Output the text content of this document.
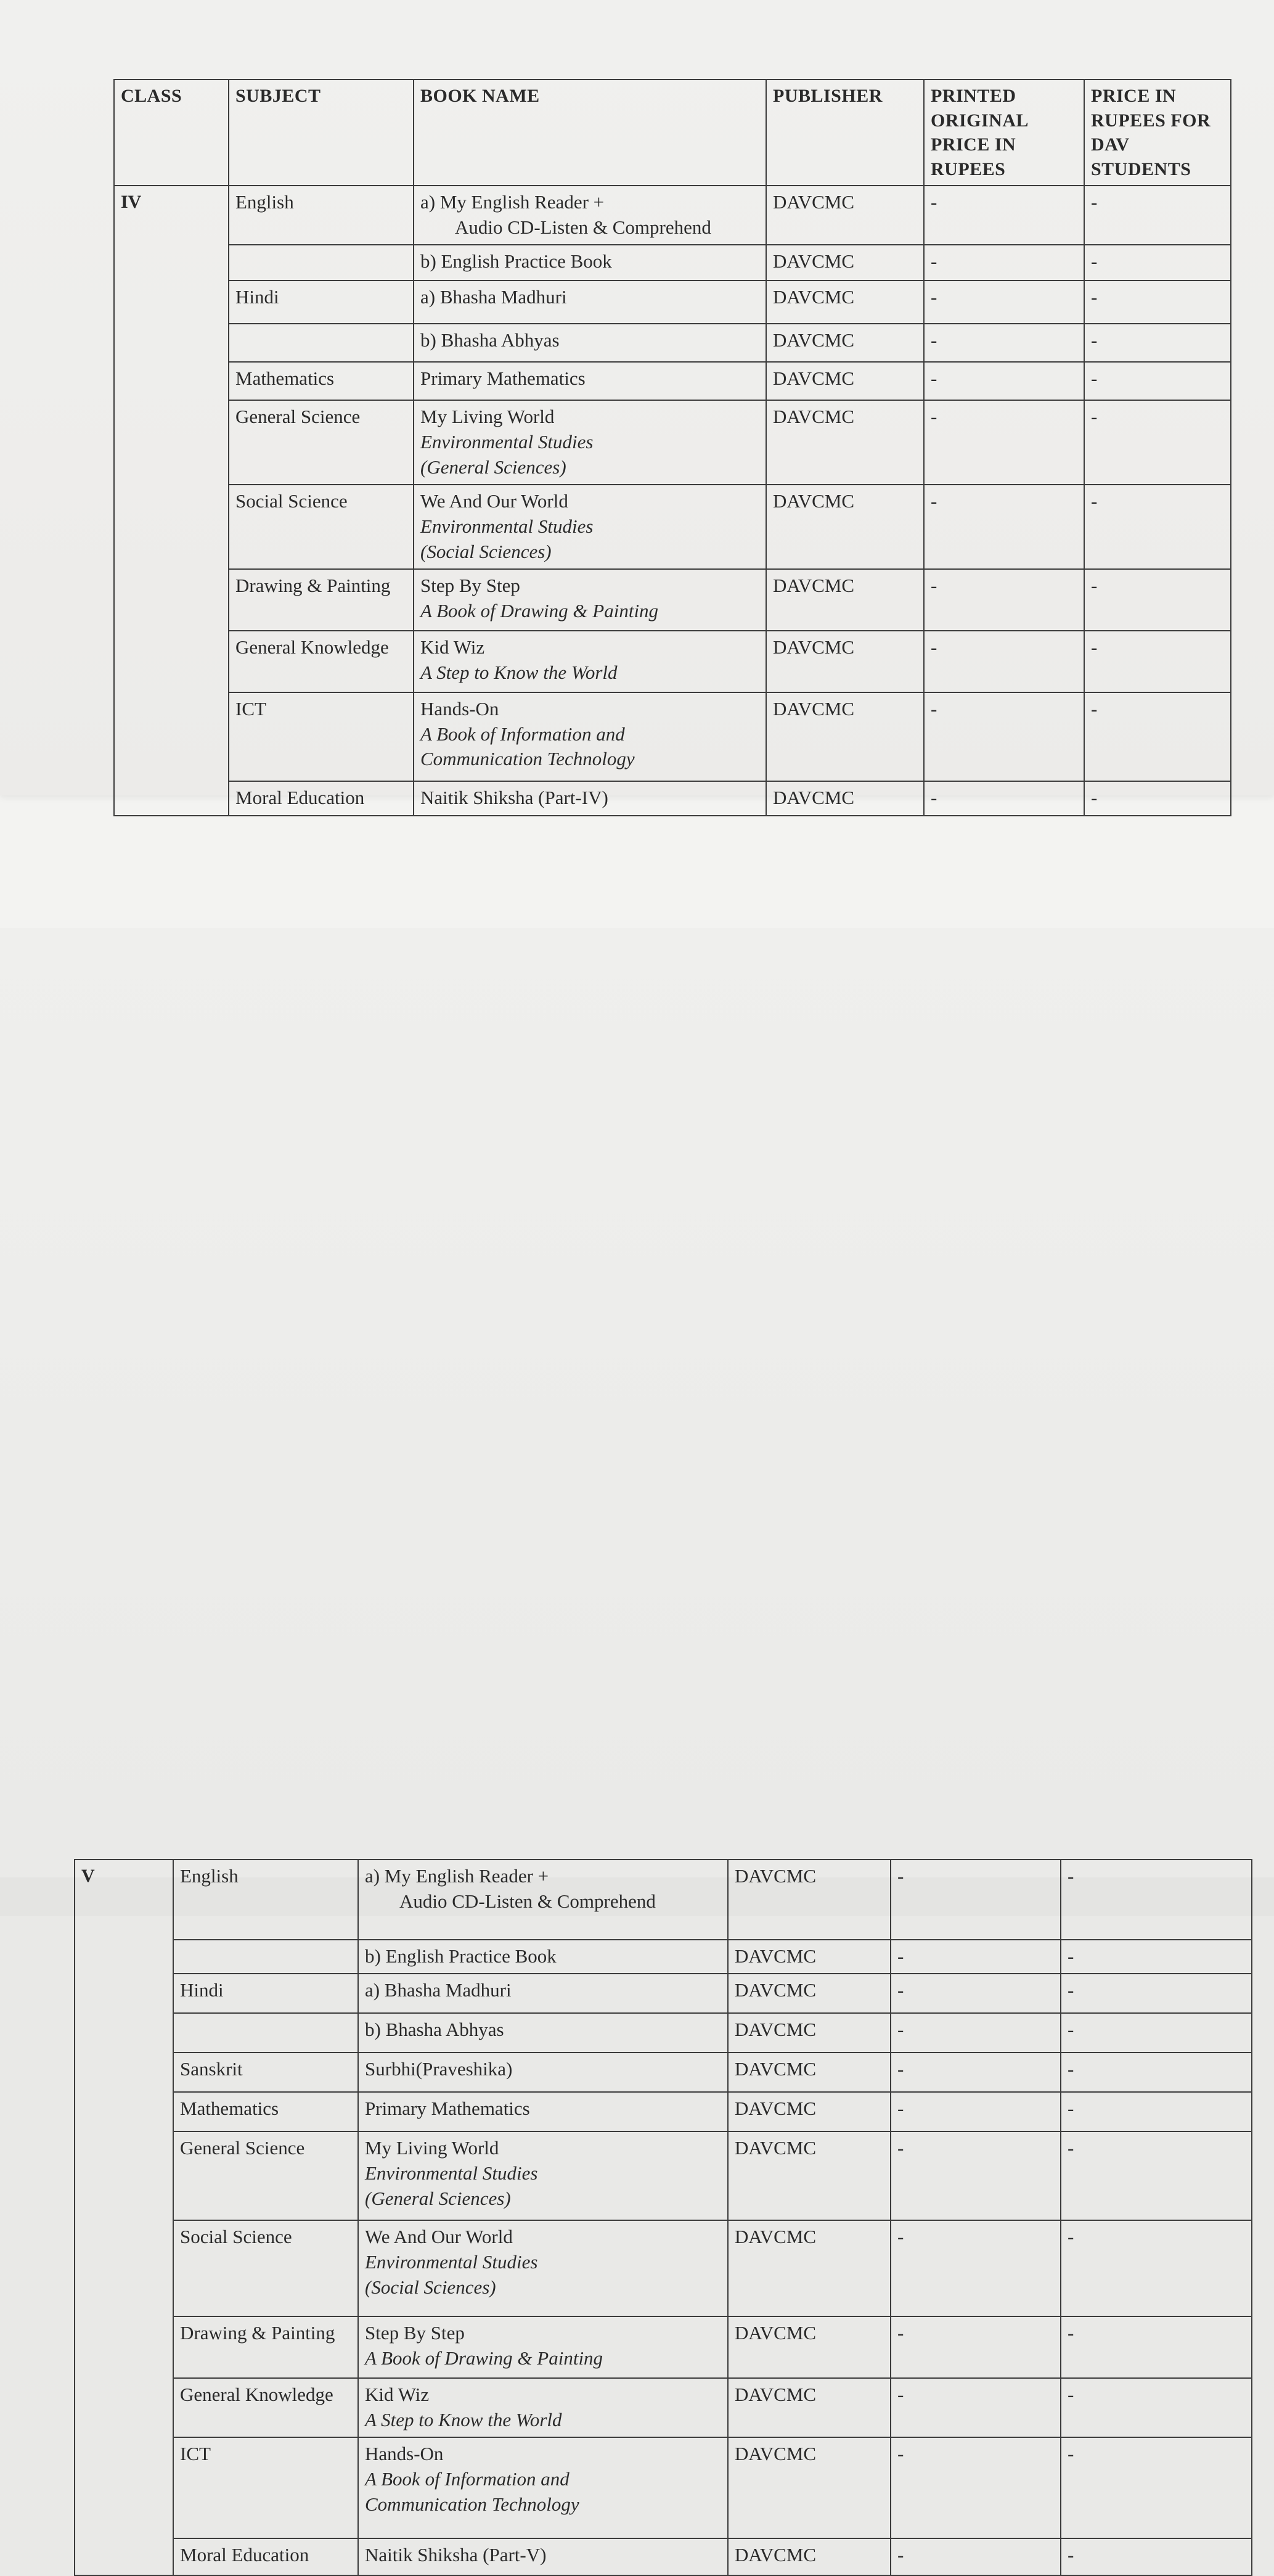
CLASS	SUBJECT	BOOK NAME	PUBLISHER	PRINTED ORIGINAL PRICE IN RUPEES	PRICE IN RUPEES FOR DAV STUDENTS
IV	English	a) My English Reader +
Audio CD-Listen & Comprehend	DAVCMC	-	-

		b) English Practice Book	DAVCMC	-	-
	Hindi	a) Bhasha Madhuri	DAVCMC	-	-

		b) Bhasha Abhyas	DAVCMC	-	-
	Mathematics	Primary Mathematics	DAVCMC	-	-
	General Science	My Living World
Environmental Studies
(General Sciences)	DAVCMC	-	-
	Social Science	We And Our World
Environmental Studies
(Social Sciences)	DAVCMC	-	-
	Drawing & Painting	Step By Step
A Book of Drawing & Painting	DAVCMC	-	-
	General Knowledge	Kid Wiz
A Step to Know the World	DAVCMC	-	-
	ICT	Hands-On
A Book of Information and
Communication Technology	DAVCMC	-	-
	Moral Education	Naitik Shiksha (Part-IV)	DAVCMC	-	-
V	English	a) My English Reader +
Audio CD-Listen & Comprehend	DAVCMC	-	-

		b) English Practice Book	DAVCMC	-	-
	Hindi	a) Bhasha Madhuri	DAVCMC	-	-

		b) Bhasha Abhyas	DAVCMC	-	-
	Sanskrit	Surbhi(Praveshika)	DAVCMC	-	-
	Mathematics	Primary Mathematics	DAVCMC	-	-
	General Science	My Living World
Environmental Studies
(General Sciences)	DAVCMC	-	-
	Social Science	We And Our World
Environmental Studies
(Social Sciences)	DAVCMC	-	-
	Drawing & Painting	Step By Step
A Book of Drawing & Painting	DAVCMC	-	-
	General Knowledge	Kid Wiz
A Step to Know the World	DAVCMC	-	-
	ICT	Hands-On
A Book of Information and
Communication Technology	DAVCMC	-	-
	Moral Education	Naitik Shiksha (Part-V)	DAVCMC	-	-
